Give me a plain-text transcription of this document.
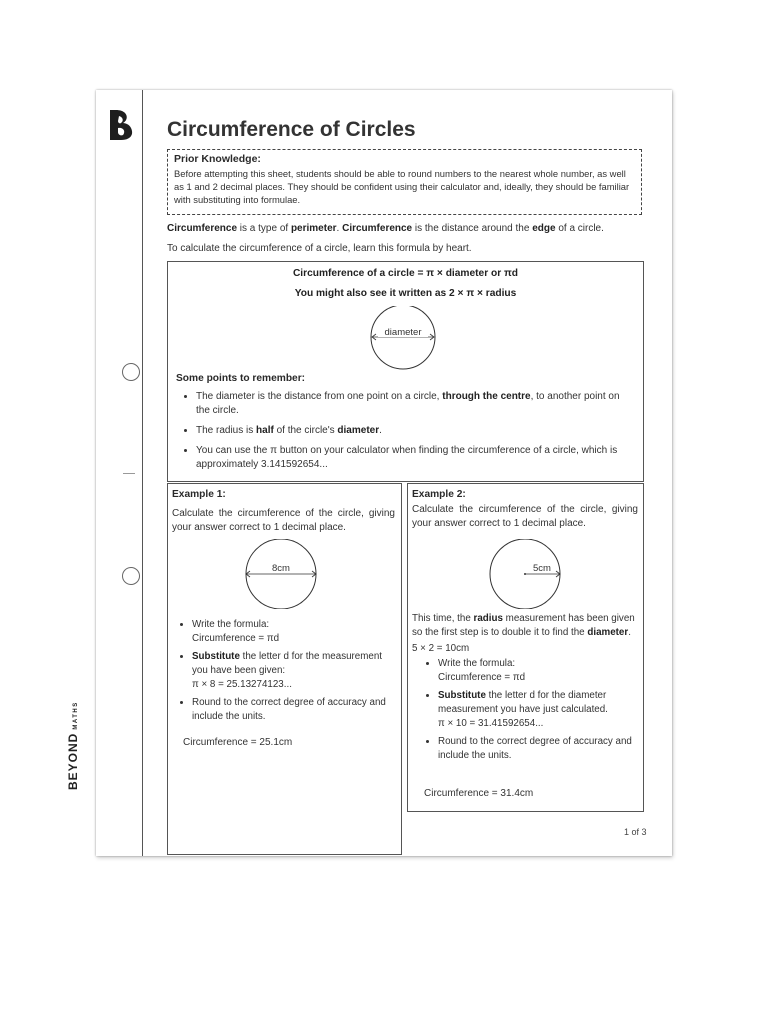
BEYONDMATHS
Circumference of Circles
Prior Knowledge:

Before attempting this sheet, students should be able to round numbers to the nearest whole number, as well as 1 and 2 decimal places. They should be confident using their calculator and, ideally, they should be familiar with substituting into formulae.

Circumference is a type of perimeter. Circumference is the distance around the edge of a circle.
To calculate the circumference of a circle, learn this formula by heart.
Circumference of a circle = π × diameter or πd
You might also see it written as 2 × π × radius
diameter
Some points to remember:
• The diameter is the distance from one point on a circle, through the centre, to another point on the circle.
• The radius is half of the circle's diameter.
• You can use the π button on your calculator when finding the circumference of a circle, which is approximately 3.141592654...
Example 1:
Calculate the circumference of the circle, giving your answer correct to 1 decimal place.
8cm
• Write the formula:
Circumference = πd
• Substitute the letter d for the measurement you have been given:
π × 8 = 25.13274123...
• Round to the correct degree of accuracy and include the units.
Circumference = 25.1cm
Example 2:
Calculate the circumference of the circle, giving your answer correct to 1 decimal place.
5cm
This time, the radius measurement has been given so the first step is to double it to find the diameter.
5 × 2 = 10cm
• Write the formula:
Circumference = πd
• Substitute the letter d for the diameter measurement you have just calculated.
π × 10 = 31.41592654...
• Round to the correct degree of accuracy and include the units.
Circumference = 31.4cm
1 of 3
